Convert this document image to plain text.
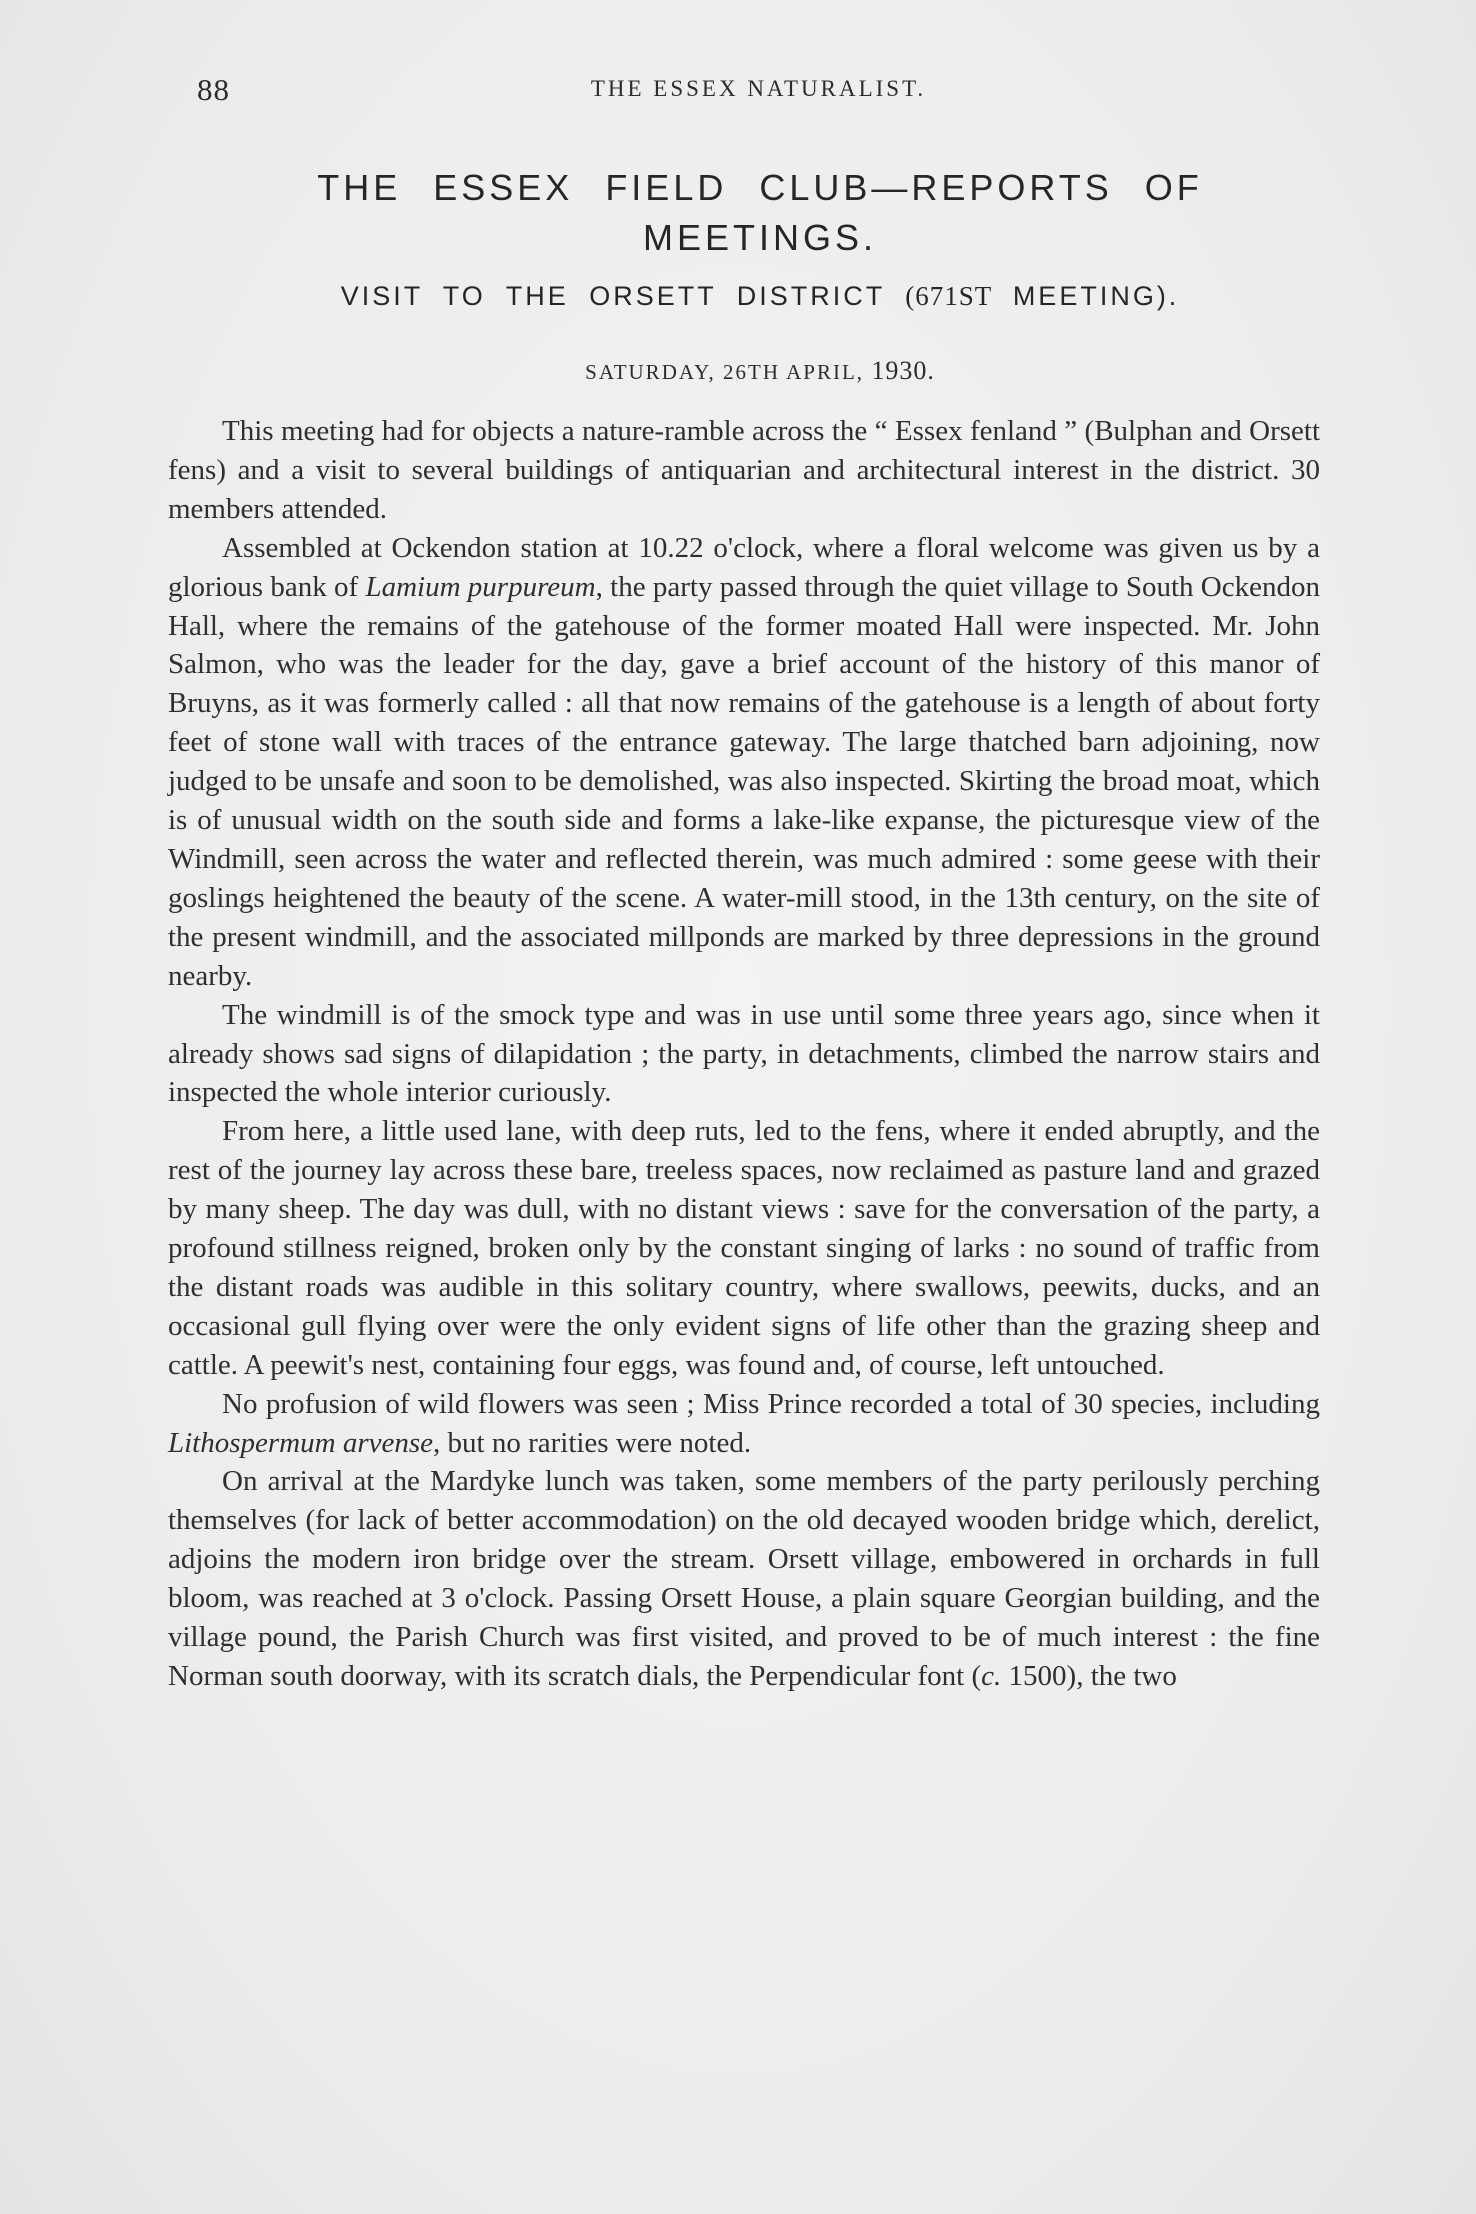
88	THE ESSEX NATURALIST.
THE ESSEX FIELD CLUB—REPORTS OF
MEETINGS.
VISIT TO THE ORSETT DISTRICT (671ST MEETING).
SATURDAY, 26TH APRIL, 1930.

This meeting had for objects a nature-ramble across the “ Essex fenland ” (Bulphan and Orsett fens) and a visit to several buildings of antiquarian and architectural interest in the district. 30 members attended.

Assembled at Ockendon station at 10.22 o'clock, where a floral welcome was given us by a glorious bank of Lamium purpureum, the party passed through the quiet village to South Ockendon Hall, where the remains of the gatehouse of the former moated Hall were inspected. Mr. John Salmon, who was the leader for the day, gave a brief account of the history of this manor of Bruyns, as it was formerly called : all that now remains of the gatehouse is a length of about forty feet of stone wall with traces of the entrance gateway. The large thatched barn adjoining, now judged to be unsafe and soon to be demolished, was also inspected. Skirting the broad moat, which is of unusual width on the south side and forms a lake-like expanse, the picturesque view of the Windmill, seen across the water and reflected therein, was much admired : some geese with their goslings heightened the beauty of the scene. A water-mill stood, in the 13th century, on the site of the present windmill, and the associated millponds are marked by three depressions in the ground nearby.

The windmill is of the smock type and was in use until some three years ago, since when it already shows sad signs of dilapidation ; the party, in detachments, climbed the narrow stairs and inspected the whole interior curiously.

From here, a little used lane, with deep ruts, led to the fens, where it ended abruptly, and the rest of the journey lay across these bare, treeless spaces, now reclaimed as pasture land and grazed by many sheep. The day was dull, with no distant views : save for the conversation of the party, a profound stillness reigned, broken only by the constant singing of larks : no sound of traffic from the distant roads was audible in this solitary country, where swallows, peewits, ducks, and an occasional gull flying over were the only evident signs of life other than the grazing sheep and cattle. A peewit's nest, containing four eggs, was found and, of course, left untouched.

No profusion of wild flowers was seen ; Miss Prince recorded a total of 30 species, including Lithospermum arvense, but no rarities were noted.

On arrival at the Mardyke lunch was taken, some members of the party perilously perching themselves (for lack of better accommodation) on the old decayed wooden bridge which, derelict, adjoins the modern iron bridge over the stream. Orsett village, embowered in orchards in full bloom, was reached at 3 o'clock. Passing Orsett House, a plain square Georgian building, and the village pound, the Parish Church was first visited, and proved to be of much interest : the fine Norman south doorway, with its scratch dials, the Perpendicular font (c. 1500), the two
